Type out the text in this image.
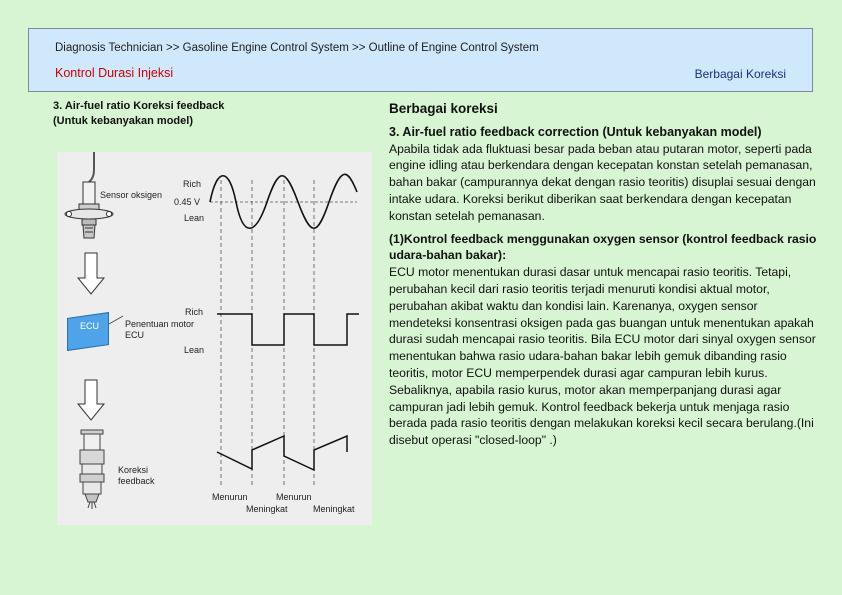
Diagnosis Technician >> Gasoline Engine Control System >> Outline of Engine Control System
Kontrol Durasi Injeksi	Berbagai Koreksi
3. Air-fuel ratio Koreksi feedback (Untuk kebanyakan model)
Sensor oksigen
Rich
0.45 V
Lean
ECU
Rich
Penentuan motor ECU
Lean
Koreksi feedback
Menurun	Menurun
Meningkat	Meningkat
Berbagai koreksi
3. Air-fuel ratio feedback correction (Untuk kebanyakan model)
Apabila tidak ada fluktuasi besar pada beban atau putaran motor, seperti pada engine idling atau berkendara dengan kecepatan konstan setelah pemanasan, bahan bakar (campurannya dekat dengan rasio teoritis) disuplai sesuai dengan intake udara. Koreksi berikut diberikan saat berkendara dengan kecepatan konstan setelah pemanasan.
(1)Kontrol feedback menggunakan oxygen sensor (kontrol feedback rasio udara-bahan bakar):
ECU motor menentukan durasi dasar untuk mencapai rasio teoritis. Tetapi, perubahan kecil dari rasio teoritis terjadi menuruti kondisi aktual motor, perubahan akibat waktu dan kondisi lain. Karenanya, oxygen sensor mendeteksi konsentrasi oksigen pada gas buangan untuk menentukan apakah durasi sudah mencapai rasio teoritis. Bila ECU motor dari sinyal oxygen sensor menentukan bahwa rasio udara-bahan bakar lebih gemuk dibanding rasio teoritis, motor ECU memperpendek durasi agar campuran lebih kurus. Sebaliknya, apabila rasio kurus, motor akan memperpanjang durasi agar campuran jadi lebih gemuk. Kontrol feedback bekerja untuk menjaga rasio berada pada rasio teoritis dengan melakukan koreksi kecil secara berulang.(Ini disebut operasi "closed-loop" .)
